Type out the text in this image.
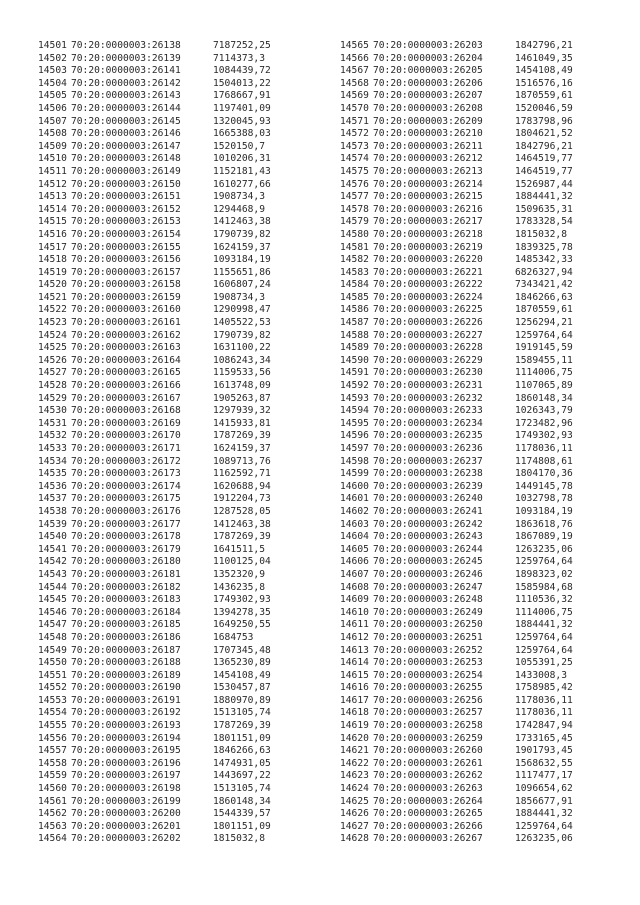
14501 70:20:0000003:26138	7187252,25
14502 70:20:0000003:26139	7114373,3
14503 70:20:0000003:26141	1084439,72
14504 70:20:0000003:26142	1504013,22
14505 70:20:0000003:26143	1768667,91
14506 70:20:0000003:26144	1197401,09
14507 70:20:0000003:26145	1320045,93
14508 70:20:0000003:26146	1665388,03
14509 70:20:0000003:26147	1520150,7
14510 70:20:0000003:26148	1010206,31
14511 70:20:0000003:26149	1152181,43
14512 70:20:0000003:26150	1610277,66
14513 70:20:0000003:26151	1908734,3
14514 70:20:0000003:26152	1294468,9
14515 70:20:0000003:26153	1412463,38
14516 70:20:0000003:26154	1790739,82
14517 70:20:0000003:26155	1624159,37
14518 70:20:0000003:26156	1093184,19
14519 70:20:0000003:26157	1155651,86
14520 70:20:0000003:26158	1606807,24
14521 70:20:0000003:26159	1908734,3
14522 70:20:0000003:26160	1290998,47
14523 70:20:0000003:26161	1405522,53
14524 70:20:0000003:26162	1790739,82
14525 70:20:0000003:26163	1631100,22
14526 70:20:0000003:26164	1086243,34
14527 70:20:0000003:26165	1159533,56
14528 70:20:0000003:26166	1613748,09
14529 70:20:0000003:26167	1905263,87
14530 70:20:0000003:26168	1297939,32
14531 70:20:0000003:26169	1415933,81
14532 70:20:0000003:26170	1787269,39
14533 70:20:0000003:26171	1624159,37
14534 70:20:0000003:26172	1089713,76
14535 70:20:0000003:26173	1162592,71
14536 70:20:0000003:26174	1620688,94
14537 70:20:0000003:26175	1912204,73
14538 70:20:0000003:26176	1287528,05
14539 70:20:0000003:26177	1412463,38
14540 70:20:0000003:26178	1787269,39
14541 70:20:0000003:26179	1641511,5
14542 70:20:0000003:26180	1100125,04
14543 70:20:0000003:26181	1352320,9
14544 70:20:0000003:26182	1436235,8
14545 70:20:0000003:26183	1749302,93
14546 70:20:0000003:26184	1394278,35
14547 70:20:0000003:26185	1649250,55
14548 70:20:0000003:26186	1684753
14549 70:20:0000003:26187	1707345,48
14550 70:20:0000003:26188	1365230,89
14551 70:20:0000003:26189	1454108,49
14552 70:20:0000003:26190	1530457,87
14553 70:20:0000003:26191	1880970,89
14554 70:20:0000003:26192	1513105,74
14555 70:20:0000003:26193	1787269,39
14556 70:20:0000003:26194	1801151,09
14557 70:20:0000003:26195	1846266,63
14558 70:20:0000003:26196	1474931,05
14559 70:20:0000003:26197	1443697,22
14560 70:20:0000003:26198	1513105,74
14561 70:20:0000003:26199	1860148,34
14562 70:20:0000003:26200	1544339,57
14563 70:20:0000003:26201	1801151,09
14564 70:20:0000003:26202	1815032,8
14565 70:20:0000003:26203	1842796,21
14566 70:20:0000003:26204	1461049,35
14567 70:20:0000003:26205	1454108,49
14568 70:20:0000003:26206	1516576,16
14569 70:20:0000003:26207	1870559,61
14570 70:20:0000003:26208	1520046,59
14571 70:20:0000003:26209	1783798,96
14572 70:20:0000003:26210	1804621,52
14573 70:20:0000003:26211	1842796,21
14574 70:20:0000003:26212	1464519,77
14575 70:20:0000003:26213	1464519,77
14576 70:20:0000003:26214	1526987,44
14577 70:20:0000003:26215	1884441,32
14578 70:20:0000003:26216	1509635,31
14579 70:20:0000003:26217	1783328,54
14580 70:20:0000003:26218	1815032,8
14581 70:20:0000003:26219	1839325,78
14582 70:20:0000003:26220	1485342,33
14583 70:20:0000003:26221	6826327,94
14584 70:20:0000003:26222	7343421,42
14585 70:20:0000003:26224	1846266,63
14586 70:20:0000003:26225	1870559,61
14587 70:20:0000003:26226	1256294,21
14588 70:20:0000003:26227	1259764,64
14589 70:20:0000003:26228	1919145,59
14590 70:20:0000003:26229	1589455,11
14591 70:20:0000003:26230	1114006,75
14592 70:20:0000003:26231	1107065,89
14593 70:20:0000003:26232	1860148,34
14594 70:20:0000003:26233	1026343,79
14595 70:20:0000003:26234	1723482,96
14596 70:20:0000003:26235	1749302,93
14597 70:20:0000003:26236	1178036,11
14598 70:20:0000003:26237	1174808,61
14599 70:20:0000003:26238	1804170,36
14600 70:20:0000003:26239	1449145,78
14601 70:20:0000003:26240	1032798,78
14602 70:20:0000003:26241	1093184,19
14603 70:20:0000003:26242	1863618,76
14604 70:20:0000003:26243	1867089,19
14605 70:20:0000003:26244	1263235,06
14606 70:20:0000003:26245	1259764,64
14607 70:20:0000003:26246	1898323,02
14608 70:20:0000003:26247	1585984,68
14609 70:20:0000003:26248	1110536,32
14610 70:20:0000003:26249	1114006,75
14611 70:20:0000003:26250	1884441,32
14612 70:20:0000003:26251	1259764,64
14613 70:20:0000003:26252	1259764,64
14614 70:20:0000003:26253	1055391,25
14615 70:20:0000003:26254	1433008,3
14616 70:20:0000003:26255	1758985,42
14617 70:20:0000003:26256	1178036,11
14618 70:20:0000003:26257	1178036,11
14619 70:20:0000003:26258	1742847,94
14620 70:20:0000003:26259	1733165,45
14621 70:20:0000003:26260	1901793,45
14622 70:20:0000003:26261	1568632,55
14623 70:20:0000003:26262	1117477,17
14624 70:20:0000003:26263	1096654,62
14625 70:20:0000003:26264	1856677,91
14626 70:20:0000003:26265	1884441,32
14627 70:20:0000003:26266	1259764,64
14628 70:20:0000003:26267	1263235,06
